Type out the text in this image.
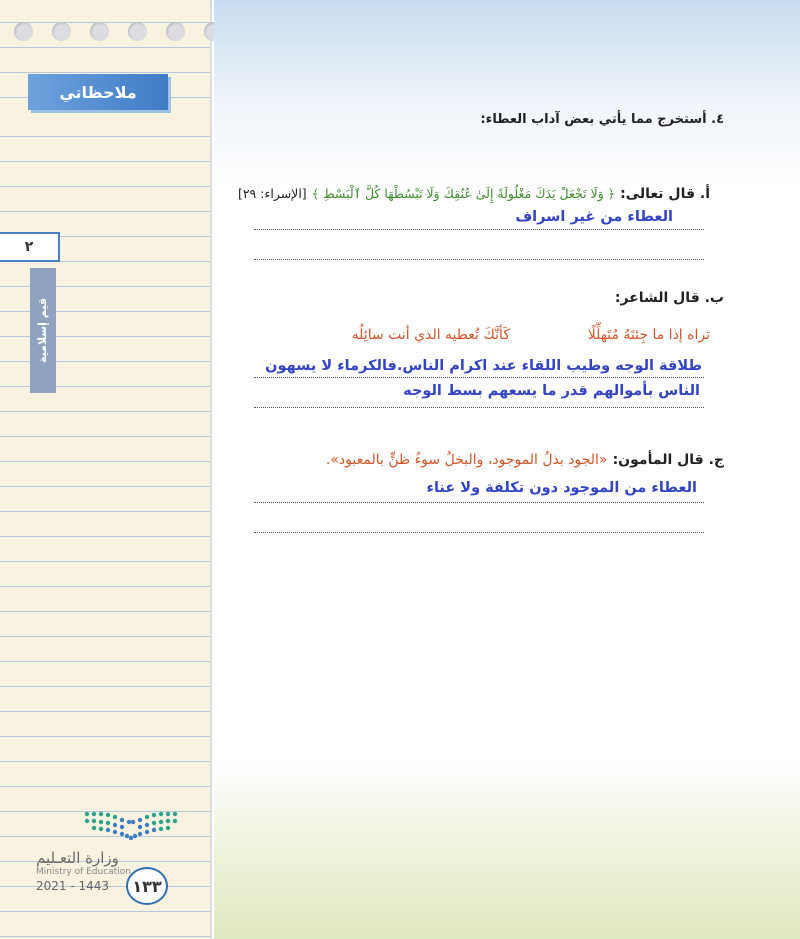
ملاحظاتي
٢
قيم إسلامية
وزارة التعـليم
Ministry of Education
2021 - 1443	١٣٣
٤. أستخرج مما يأتي بعض آداب العطاء:
أ. قال تعالى: ﴿ وَلَا تَجْعَلْ يَدَكَ مَغْلُولَةً إِلَىٰ عُنُقِكَ وَلَا تَبْسُطْهَا كُلَّ ٱلْبَسْطِ ﴾ [الإسراء: ٢٩]
العطاء من غير اسراف
ب. قال الشاعر:
تراه إذا ما جِئتَهُ مُتَهلِّلًا
كَأنَّكَ تُعطيه الذي أنت سائِلُه
طلاقة الوجه وطيب اللقاء عند اكرام الناس.فالكرماء لا يسهون
الناس بأموالهم قدر ما يسعهم بسط الوجه
ج. قال المأمون: «الجود بذلُ الموجود، والبخلُ سوءُ ظنٍّ بالمعبود».
العطاء من الموجود دون تكلفة ولا عناء
